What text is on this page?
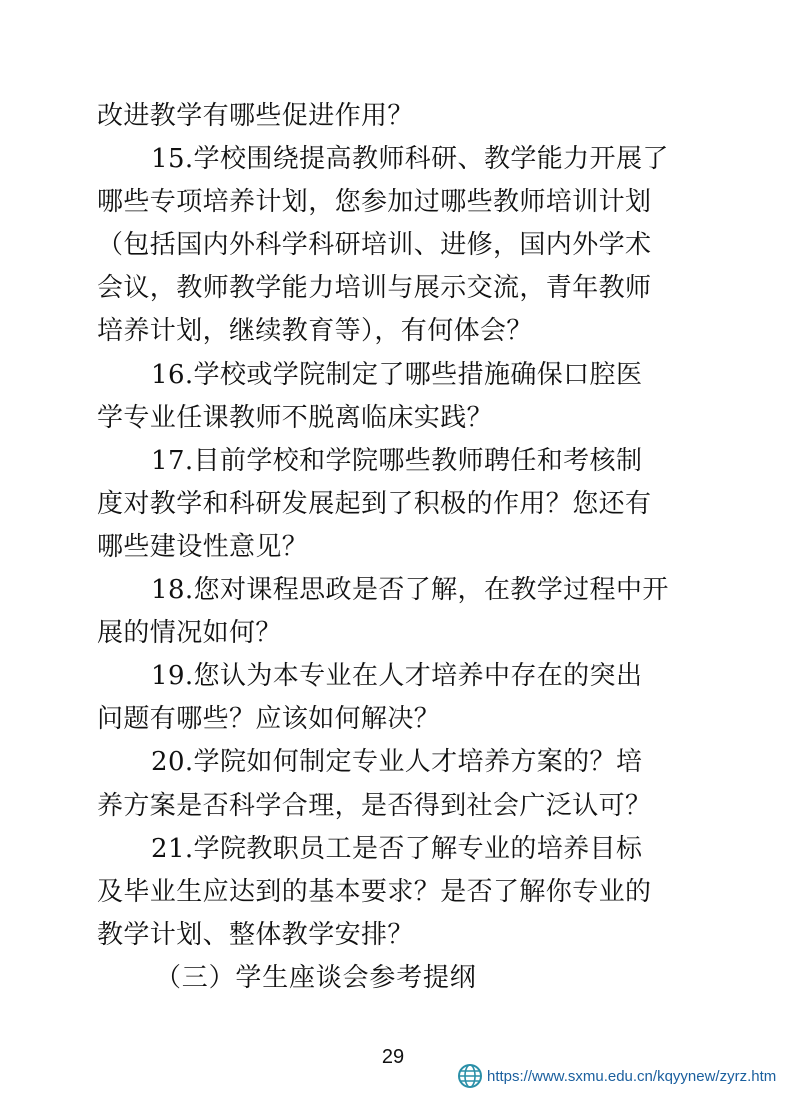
改进教学有哪些促进作用？
15.学校围绕提高教师科研、教学能力开展了
哪些专项培养计划，您参加过哪些教师培训计划
（包括国内外科学科研培训、进修，国内外学术
会议，教师教学能力培训与展示交流，青年教师
培养计划，继续教育等），有何体会？
16.学校或学院制定了哪些措施确保口腔医
学专业任课教师不脱离临床实践？
17.目前学校和学院哪些教师聘任和考核制
度对教学和科研发展起到了积极的作用？您还有
哪些建设性意见？
18.您对课程思政是否了解，在教学过程中开
展的情况如何？
19.您认为本专业在人才培养中存在的突出
问题有哪些？应该如何解决？
20.学院如何制定专业人才培养方案的？培
养方案是否科学合理，是否得到社会广泛认可？
21.学院教职员工是否了解专业的培养目标
及毕业生应达到的基本要求？是否了解你专业的
教学计划、整体教学安排？
（三）学生座谈会参考提纲
29
https://www.sxmu.edu.cn/kqyynew/zyrz.htm
